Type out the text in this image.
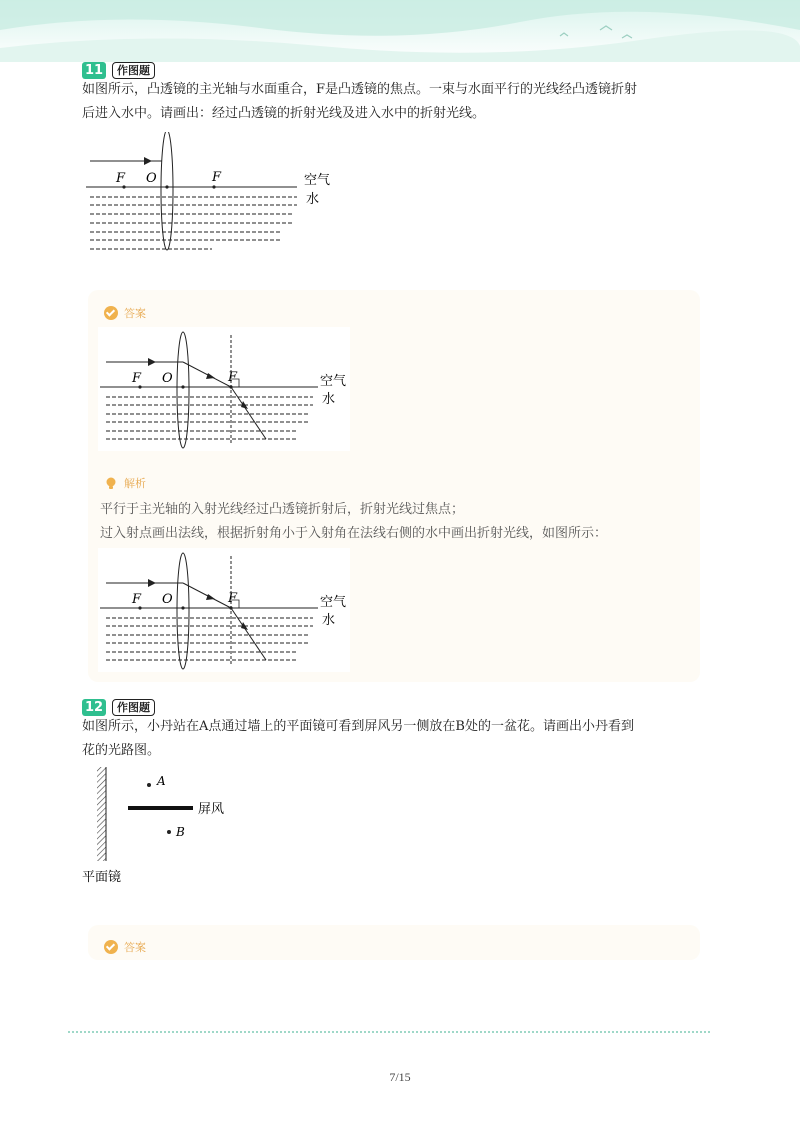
11	作图题
如图所示，凸透镜的主光轴与水面重合，F是凸透镜的焦点。一束与水面平行的光线经凸透镜折射
后进入水中。请画出：经过凸透镜的折射光线及进入水中的折射光线。
F O	F	空气
水
答案
F O	F	空气
水
解析
平行于主光轴的入射光线经过凸透镜折射后，折射光线过焦点；
过入射点画出法线，根据折射角小于入射角在法线右侧的水中画出折射光线，如图所示：
F O	F	空气
水
12	作图题
如图所示，小丹站在A点通过墙上的平面镜可看到屏风另一侧放在B处的一盆花。请画出小丹看到
花的光路图。
A
B
屏风
平面镜
答案
7/15
